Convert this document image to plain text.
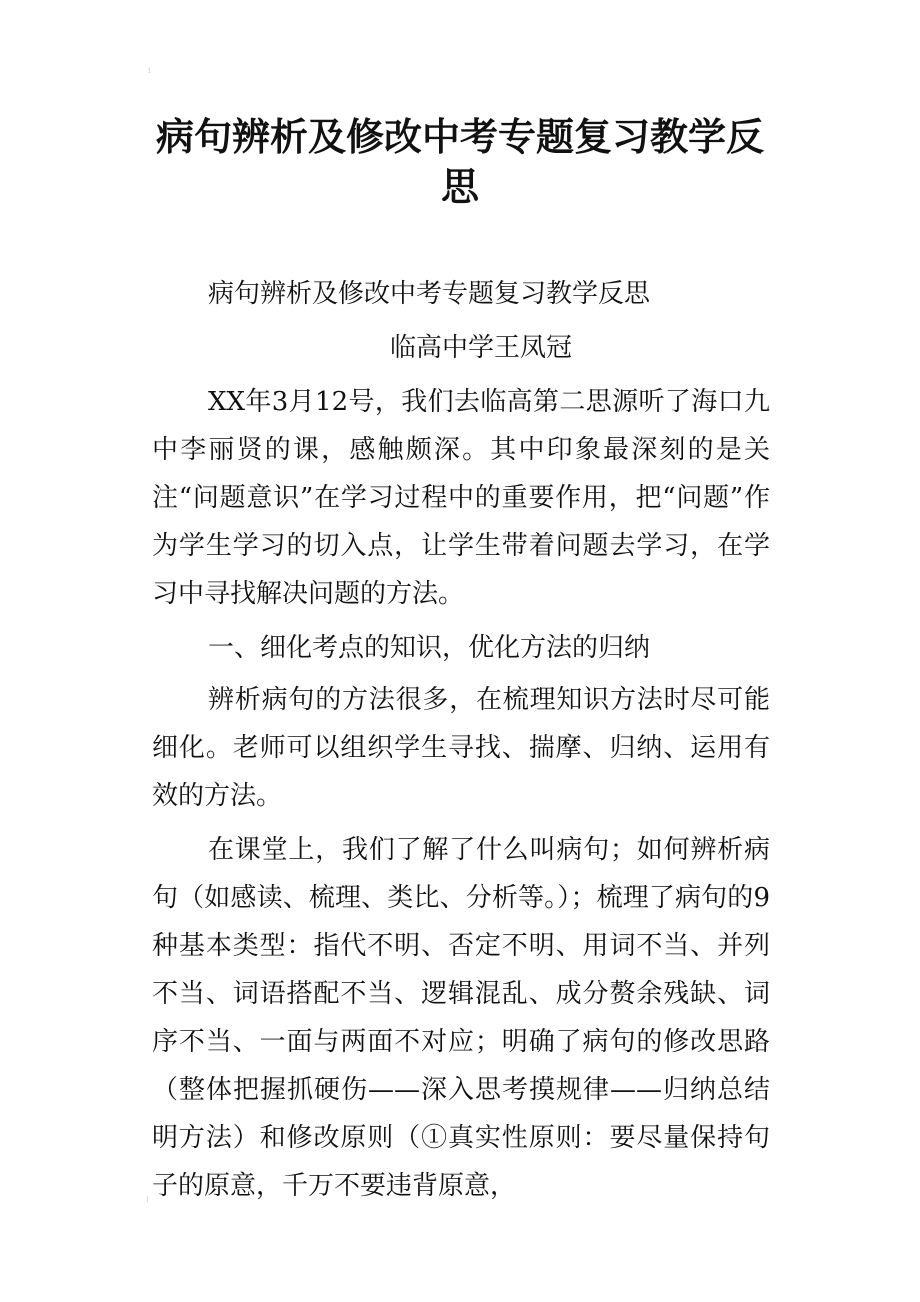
⁞
病句辨析及修改中考专题复习教学反思

病句辨析及修改中考专题复习教学反思

临高中学王凤冠

XX年3月12号，我们去临高第二思源听了海口九中李丽贤的课，感触颇深。其中印象最深刻的是关注“问题意识”在学习过程中的重要作用，把“问题”作为学生学习的切入点，让学生带着问题去学习，在学习中寻找解决问题的方法。

一、细化考点的知识，优化方法的归纳

辨析病句的方法很多，在梳理知识方法时尽可能细化。老师可以组织学生寻找、揣摩、归纳、运用有效的方法。

在课堂上，我们了解了什么叫病句；如何辨析病句（如感读、梳理、类比、分析等。）；梳理了病句的9种基本类型：指代不明、否定不明、用词不当、并列不当、词语搭配不当、逻辑混乱、成分赘余残缺、词序不当、一面与两面不对应；明确了病句的修改思路（整体把握抓硬伤——深入思考摸规律——归纳总结明方法）和修改原则（①真实性原则：要尽量保持句子的原意，千万不要违背原意，

⁞
